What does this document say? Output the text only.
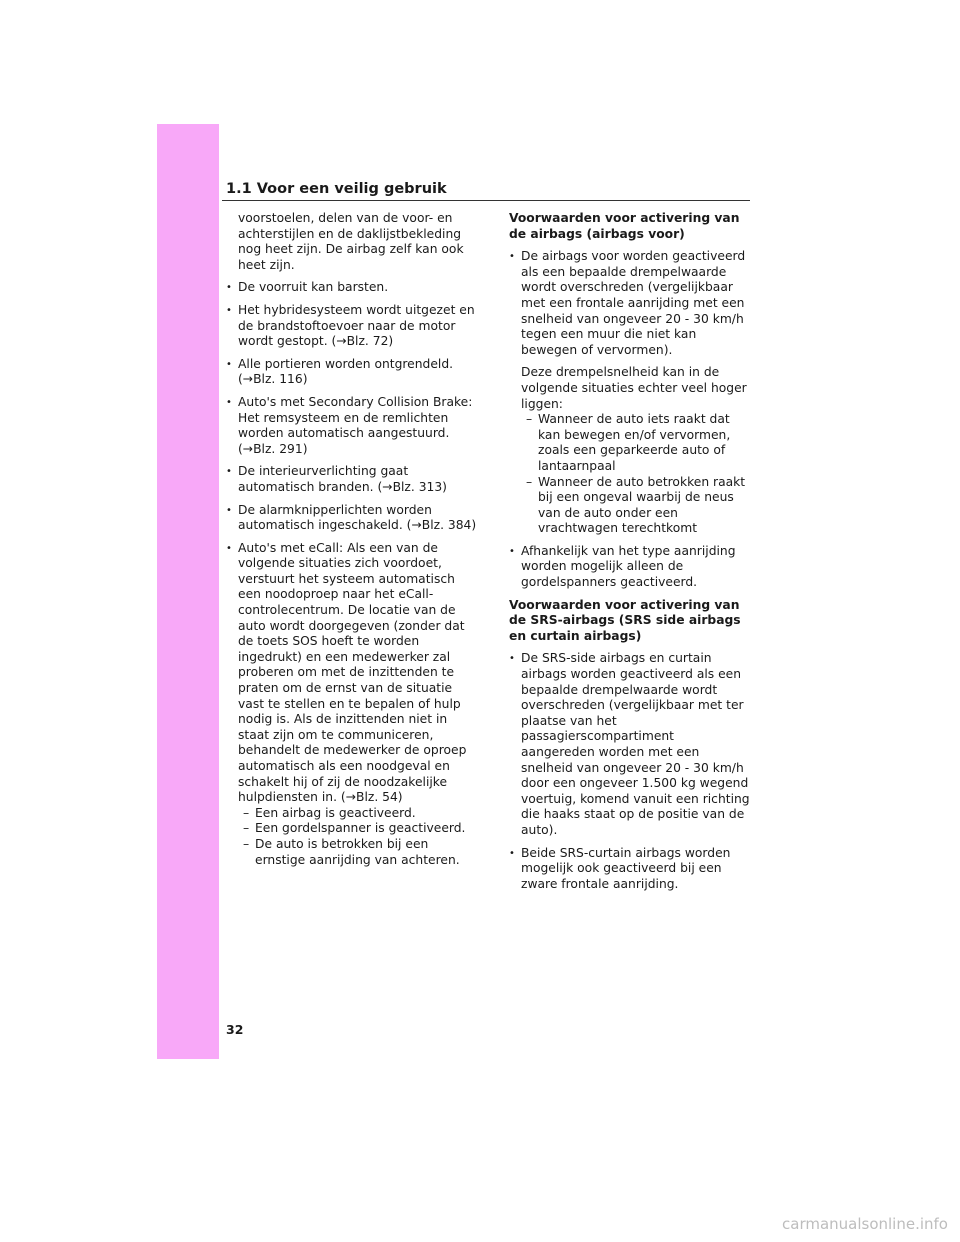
1.1 Voor een veilig gebruik
voorstoelen, delen van de voor- en achterstijlen en de daklijstbekleding nog heet zijn. De airbag zelf kan ook heet zijn.
• De voorruit kan barsten.
• Het hybridesysteem wordt uitgezet en de brandstoftoevoer naar de motor wordt gestopt. (→Blz. 72)
• Alle portieren worden ontgrendeld. (→Blz. 116)
• Auto's met Secondary Collision Brake: Het remsysteem en de remlichten worden automatisch aangestuurd. (→Blz. 291)
• De interieurverlichting gaat automatisch branden. (→Blz. 313)
• De alarmknipperlichten worden automatisch ingeschakeld. (→Blz. 384)
• Auto's met eCall: Als een van de volgende situaties zich voordoet, verstuurt het systeem automatisch een noodoproep naar het eCall-controlecentrum. De locatie van de auto wordt doorgegeven (zonder dat de toets SOS hoeft te worden ingedrukt) en een medewerker zal proberen om met de inzittenden te praten om de ernst van de situatie vast te stellen en te bepalen of hulp nodig is. Als de inzittenden niet in staat zijn om te communiceren, behandelt de medewerker de oproep automatisch als een noodgeval en schakelt hij of zij de noodzakelijke hulpdiensten in. (→Blz. 54)
– Een airbag is geactiveerd.
– Een gordelspanner is geactiveerd.
– De auto is betrokken bij een ernstige aanrijding van achteren.
Voorwaarden voor activering van de airbags (airbags voor)
• De airbags voor worden geactiveerd als een bepaalde drempelwaarde wordt overschreden (vergelijkbaar met een frontale aanrijding met een snelheid van ongeveer 20 - 30 km/h tegen een muur die niet kan bewegen of vervormen).
Deze drempelsnelheid kan in de volgende situaties echter veel hoger liggen:
– Wanneer de auto iets raakt dat kan bewegen en/of vervormen, zoals een geparkeerde auto of lantaarnpaal
– Wanneer de auto betrokken raakt bij een ongeval waarbij de neus van de auto onder een vrachtwagen terechtkomt
• Afhankelijk van het type aanrijding worden mogelijk alleen de gordelspanners geactiveerd.
Voorwaarden voor activering van de SRS-airbags (SRS side airbags en curtain airbags)
• De SRS-side airbags en curtain airbags worden geactiveerd als een bepaalde drempelwaarde wordt overschreden (vergelijkbaar met ter plaatse van het passagierscompartiment aangereden worden met een snelheid van ongeveer 20 - 30 km/h door een ongeveer 1.500 kg wegend voertuig, komend vanuit een richting die haaks staat op de positie van de auto).
• Beide SRS-curtain airbags worden mogelijk ook geactiveerd bij een zware frontale aanrijding.
32
carmanualsonline.info
